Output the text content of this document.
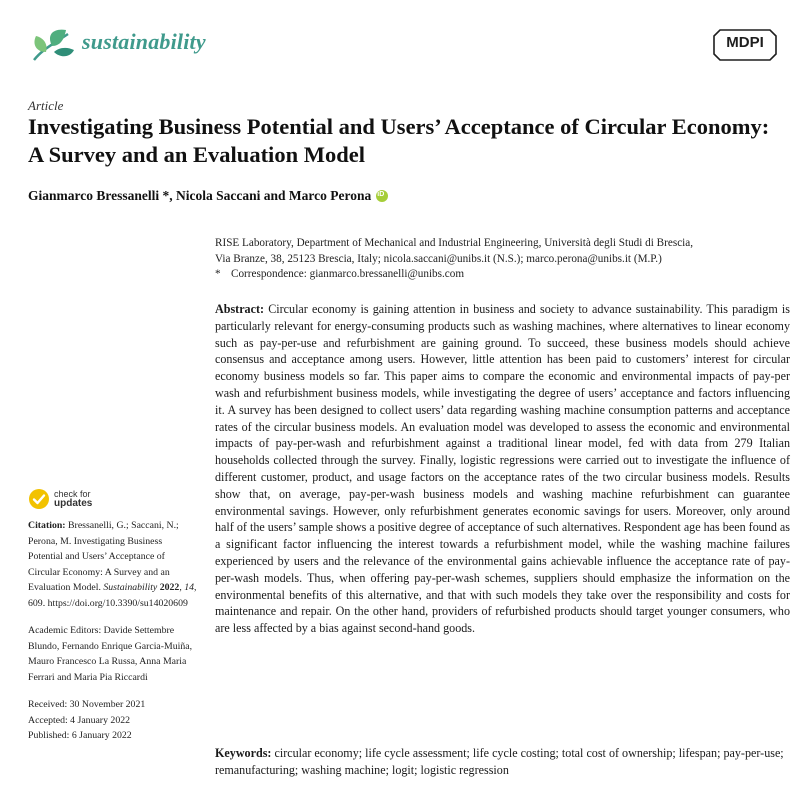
sustainability	MDPI
Article
Investigating Business Potential and Users’ Acceptance of Circular Economy: A Survey and an Evaluation Model
Gianmarco Bressanelli *, Nicola Saccani and Marco Perona
iD
RISE Laboratory, Department of Mechanical and Industrial Engineering, Università degli Studi di Brescia,
Via Branze, 38, 25123 Brescia, Italy; nicola.saccani@unibs.it (N.S.); marco.perona@unibs.it (M.P.)
* Correspondence: gianmarco.bressanelli@unibs.com
Abstract: Circular economy is gaining attention in business and society to advance sustainability. This paradigm is particularly relevant for energy-consuming products such as washing machines, where alternatives to linear economy such as pay-per-use and refurbishment are gaining ground. To succeed, these business models should achieve consensus and acceptance among users. However, little attention has been paid to customers’ interest for circular economy business models so far. This paper aims to compare the economic and environmental impacts of pay-per wash and refurbishment business models, while investigating the degree of users’ acceptance and factors influencing it. A survey has been designed to collect users’ data regarding washing machine consumption patterns and acceptance rates of the circular business models. An evaluation model was developed to assess the economic and environmental impacts of pay-per-wash and refurbishment against a traditional linear model, fed with data from 279 Italian households collected through the survey. Finally, logistic regressions were carried out to investigate the influence of different customer, product, and usage factors on the acceptance rates of the two circular business models. Results show that, on average, pay-per-wash business models and washing machine refurbishment can guarantee environmental savings. However, only refurbishment generates economic savings for users. Moreover, only around half of the users’ sample shows a positive degree of acceptance of such alternatives. Respondent age has been found as a significant factor influencing the interest towards a refurbishment model, while the washing machine failures experienced by users and the relevance of the environmental gains achievable influence the acceptance rate of pay-per-wash models. Thus, when offering pay-per-wash schemes, suppliers should emphasize the information on the environmental benefits of this alternative, and that with such models they take over the responsibility and costs for maintenance and repair. On the other hand, providers of refurbished products should target younger consumers, who are less affected by a bias against second-hand goods.
Keywords: circular economy; life cycle assessment; life cycle costing; total cost of ownership; lifespan; pay-per-use; remanufacturing; washing machine; logit; logistic regression
check for
updates
Citation: Bressanelli, G.; Saccani, N.; Perona, M. Investigating Business Potential and Users’ Acceptance of Circular Economy: A Survey and an Evaluation Model. Sustainability 2022, 14, 609. https://doi.org/10.3390/su14020609
Academic Editors: Davide Settembre Blundo, Fernando Enrique Garcia-Muiña, Mauro Francesco La Russa, Anna Maria Ferrari and Maria Pia Riccardi
Received: 30 November 2021
Accepted: 4 January 2022
Published: 6 January 2022
